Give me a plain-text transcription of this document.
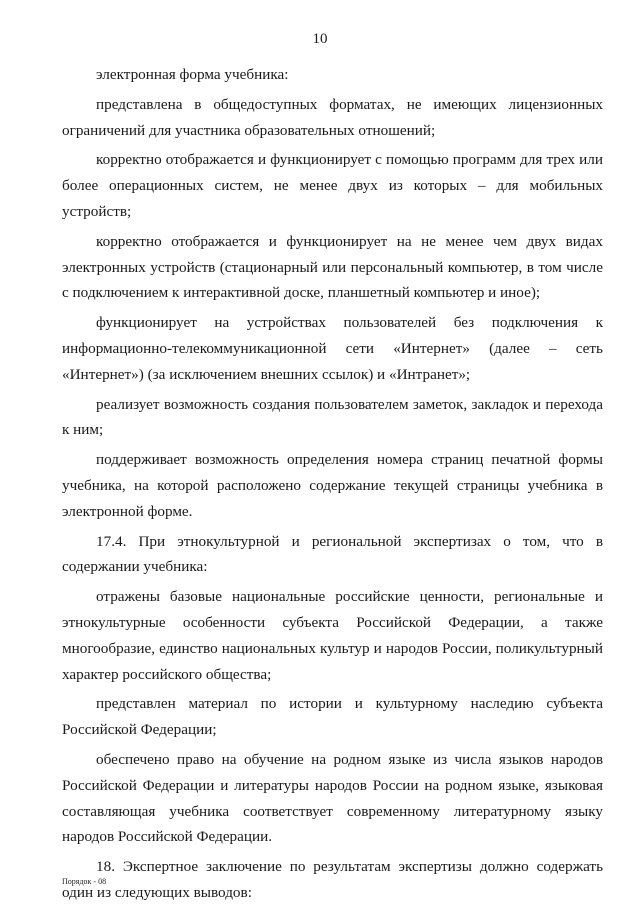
10

электронная форма учебника:

представлена в общедоступных форматах, не имеющих лицензионных ограничений для участника образовательных отношений;

корректно отображается и функционирует с помощью программ для трех или более операционных систем, не менее двух из которых – для мобильных устройств;

корректно отображается и функционирует на не менее чем двух видах электронных устройств (стационарный или персональный компьютер, в том числе с подключением к интерактивной доске, планшетный компьютер и иное);

функционирует на устройствах пользователей без подключения к информационно-телекоммуникационной сети «Интернет» (далее – сеть «Интернет») (за исключением внешних ссылок) и «Интранет»;

реализует возможность создания пользователем заметок, закладок и перехода к ним;

поддерживает возможность определения номера страниц печатной формы учебника, на которой расположено содержание текущей страницы учебника в электронной форме.

17.4. При этнокультурной и региональной экспертизах о том, что в содержании учебника:

отражены базовые национальные российские ценности, региональные и этнокультурные особенности субъекта Российской Федерации, а также многообразие, единство национальных культур и народов России, поликультурный характер российского общества;

представлен материал по истории и культурному наследию субъекта Российской Федерации;

обеспечено право на обучение на родном языке из числа языков народов Российской Федерации и литературы народов России на родном языке, языковая составляющая учебника соответствует современному литературному языку народов Российской Федерации.

18. Экспертное заключение по результатам экспертизы должно содержать один из следующих выводов:

Порядок - 08
